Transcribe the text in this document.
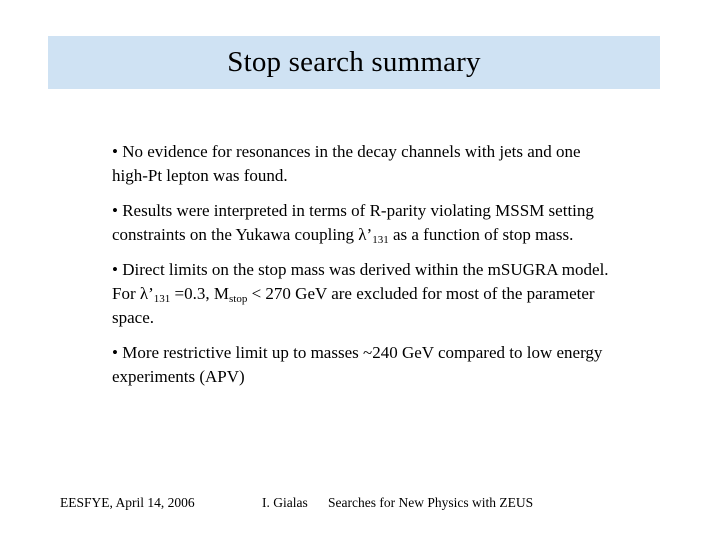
Stop search summary
• No evidence for resonances in the decay channels with jets and one high-Pt lepton was found.
• Results were interpreted in terms of R-parity violating MSSM setting constraints on the Yukawa coupling $\lambda’_{131}$ as a function of stop mass.
• Direct limits on the stop mass was derived within the mSUGRA model. For $\lambda’_{131} =0.3$, $M_{stop} < 270$ GeV are excluded for most of the parameter space.
• More restrictive limit up to masses ~240 GeV compared to low energy experiments (APV)
EESFYE, April 14, 2006	I. Gialas Searches for New Physics with ZEUS
